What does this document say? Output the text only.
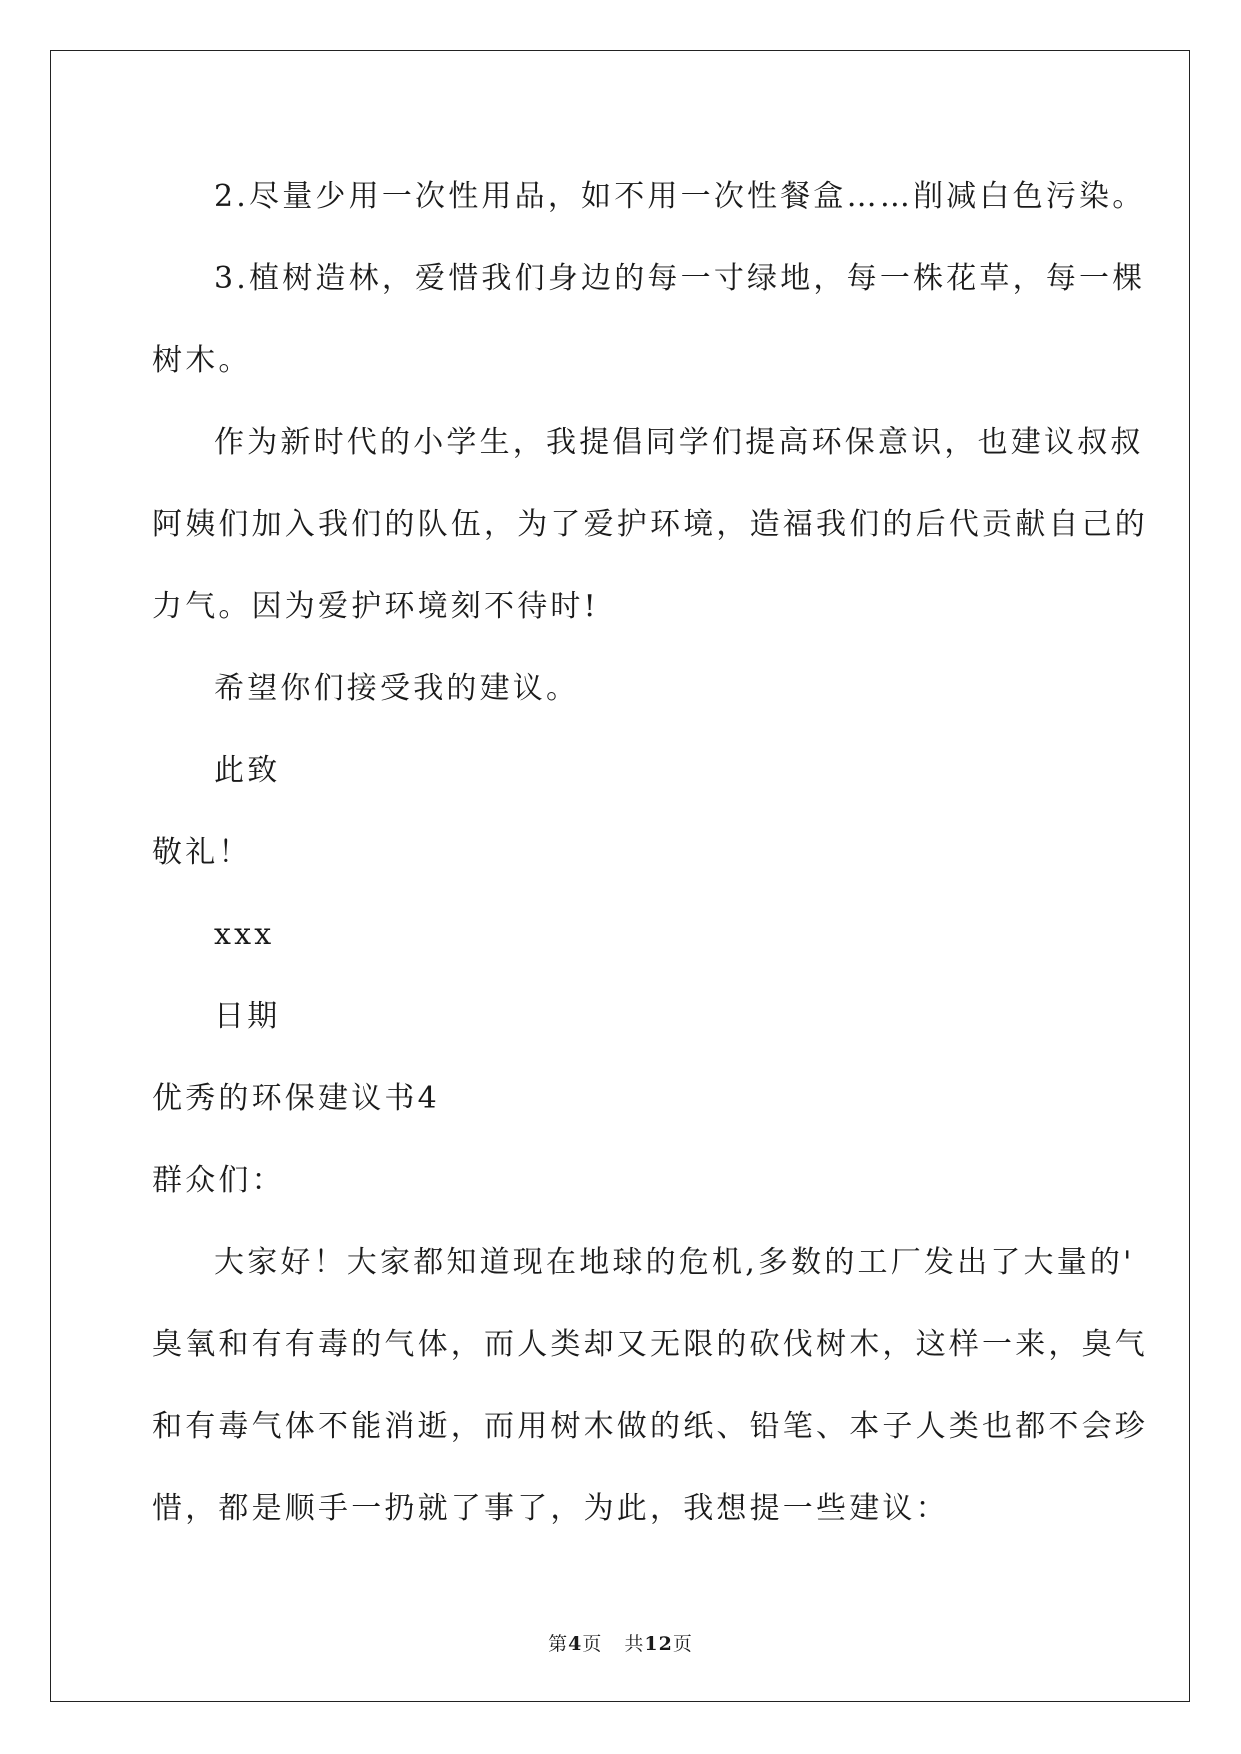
2.尽量少用一次性用品，如不用一次性餐盒……削减白色污染。
3.植树造林，爱惜我们身边的每一寸绿地，每一株花草，每一棵
树木。
作为新时代的小学生，我提倡同学们提高环保意识，也建议叔叔
阿姨们加入我们的队伍，为了爱护环境，造福我们的后代贡献自己的
力气。因为爱护环境刻不待时!
希望你们接受我的建议。
此致
敬礼！
xxx
日期
优秀的环保建议书4
群众们：
大家好！大家都知道现在地球的危机,多数的工厂发出了大量的'
臭氧和有有毒的气体，而人类却又无限的砍伐树木，这样一来，臭气
和有毒气体不能消逝，而用树木做的纸、铅笔、本子人类也都不会珍
惜，都是顺手一扔就了事了，为此，我想提一些建议：
第4页 共12页
